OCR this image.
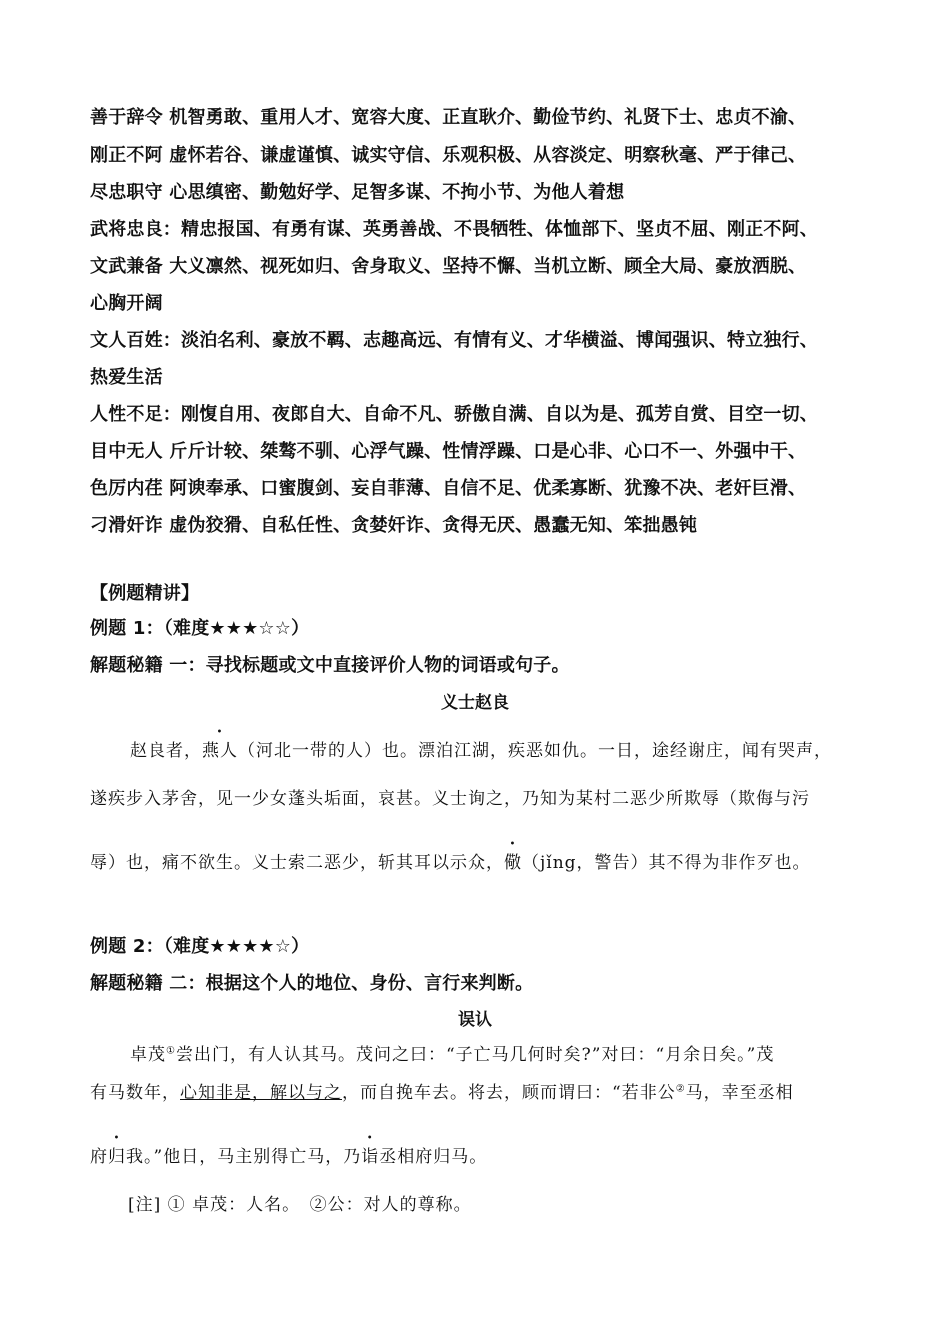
善于辞令 机智勇敢、重用人才、宽容大度、正直耿介、勤俭节约、礼贤下士、忠贞不渝、
刚正不阿 虚怀若谷、谦虚谨慎、诚实守信、乐观积极、从容淡定、明察秋毫、严于律己、
尽忠职守 心思缜密、勤勉好学、足智多谋、不拘小节、为他人着想
武将忠良：精忠报国、有勇有谋、英勇善战、不畏牺牲、体恤部下、坚贞不屈、刚正不阿、
文武兼备 大义凛然、视死如归、舍身取义、坚持不懈、当机立断、顾全大局、豪放洒脱、
心胸开阔
文人百姓：淡泊名利、豪放不羁、志趣高远、有情有义、才华横溢、博闻强识、特立独行、
热爱生活
人性不足：刚愎自用、夜郎自大、自命不凡、骄傲自满、自以为是、孤芳自赏、目空一切、
目中无人 斤斤计较、桀骜不驯、心浮气躁、性情浮躁、口是心非、心口不一、外强中干、
色厉内荏 阿谀奉承、口蜜腹剑、妄自菲薄、自信不足、优柔寡断、犹豫不决、老奸巨滑、
刁滑奸诈 虚伪狡猾、自私任性、贪婪奸诈、贪得无厌、愚蠢无知、笨拙愚钝
【例题精讲】
例题 1：（难度★★★☆☆）
解题秘籍 一：寻找标题或文中直接评价人物的词语或句子。
义士赵良
赵良者，燕人（河北一带的人）也。漂泊江湖，疾恶如仇。一日，途经谢庄，闻有哭声，
遂疾步入茅舍，见一少女蓬头垢面，哀甚。义士询之，乃知为某村二恶少所欺辱（欺侮与污
辱）也，痛不欲生。义士索二恶少，斩其耳以示众，儆（jǐng，警告）其不得为非作歹也。
例题 2：（难度★★★★☆）
解题秘籍 二：根据这个人的地位、身份、言行来判断。
误认
卓茂①尝出门，有人认其马。茂问之曰：“子亡马几何时矣?”对曰：“月余日矣。”茂
有马数年，心知非是，解以与之，而自挽车去。将去，顾而谓曰：“若非公②马，幸至丞相
府归我。”他日，马主别得亡马，乃诣丞相府归马。
[注] ① 卓茂：人名。　②公：对人的尊称。
